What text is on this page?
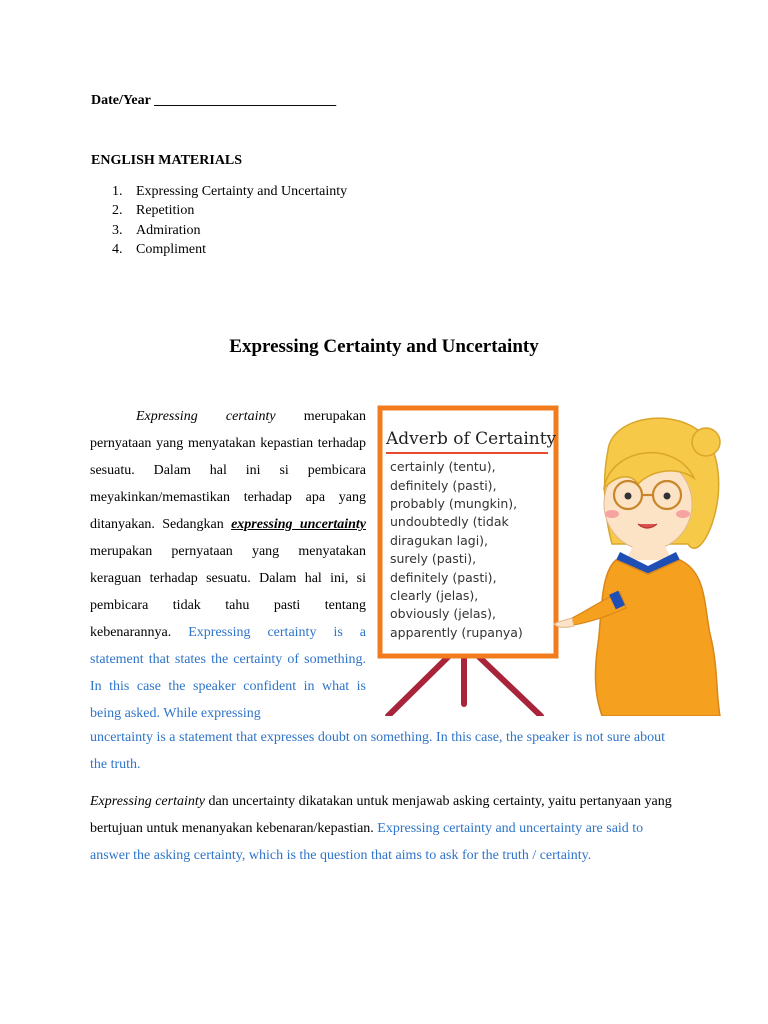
Date/Year __________________________
ENGLISH MATERIALS
1. Expressing Certainty and Uncertainty
2. Repetition
3. Admiration
4. Compliment
Expressing Certainty and Uncertainty
Expressing certainty merupakan pernyataan yang menyatakan kepastian terhadap sesuatu. Dalam hal ini si pembicara meyakinkan/memastikan terhadap apa yang ditanyakan. Sedangkan expressing uncertainty merupakan pernyataan yang menyatakan keraguan terhadap sesuatu. Dalam hal ini, si pembicara tidak tahu pasti tentang kebenarannya. Expressing certainty is a statement that states the certainty of something. In this case the speaker confident in what is being asked. While expressing
uncertainty is a statement that expresses doubt on something. In this case, the speaker is not sure about the truth.
Expressing certainty dan uncertainty dikatakan untuk menjawab asking certainty, yaitu pertanyaan yang bertujuan untuk menanyakan kebenaran/kepastian. Expressing certainty and uncertainty are said to answer the asking certainty, which is the question that aims to ask for the truth / certainty.
Adverb of Certainty
certainly (tentu),
definitely (pasti),
probably (mungkin),
undoubtedly (tidak
diragukan lagi),
surely (pasti),
definitely (pasti),
clearly (jelas),
obviously (jelas),
apparently (rupanya)
